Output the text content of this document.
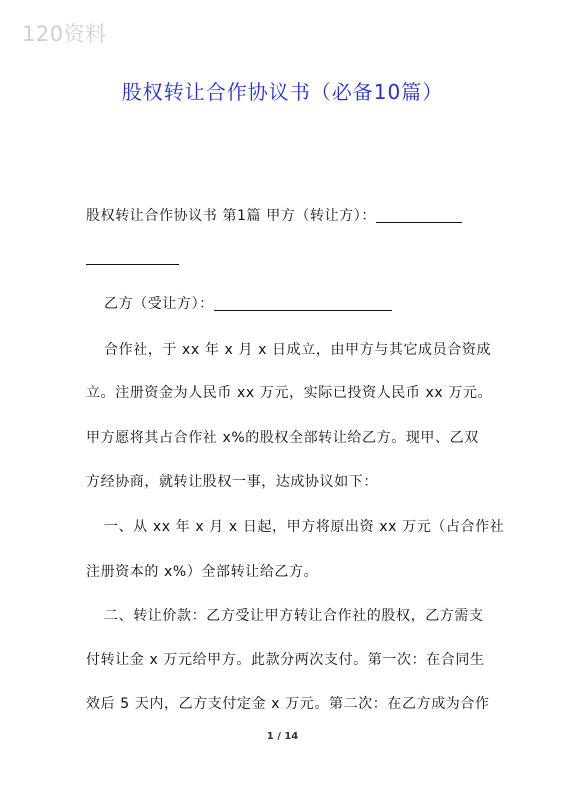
120资料
股权转让合作协议书（必备10篇）
股权转让合作协议书 第1篇 甲方（转让方）：
乙方（受让方）：
合作社，于 xx 年 x 月 x 日成立，由甲方与其它成员合资成
立。注册资金为人民币 xx 万元，实际已投资人民币 xx 万元。
甲方愿将其占合作社 x%的股权全部转让给乙方。现甲、乙双
方经协商，就转让股权一事，达成协议如下：
一、从 xx 年 x 月 x 日起，甲方将原出资 xx 万元（占合作社
注册资本的 x%）全部转让给乙方。
二、转让价款：乙方受让甲方转让合作社的股权，乙方需支
付转让金 x 万元给甲方。此款分两次支付。第一次：在合同生
效后 5 天内，乙方支付定金 x 万元。第二次：在乙方成为合作
1 / 14
